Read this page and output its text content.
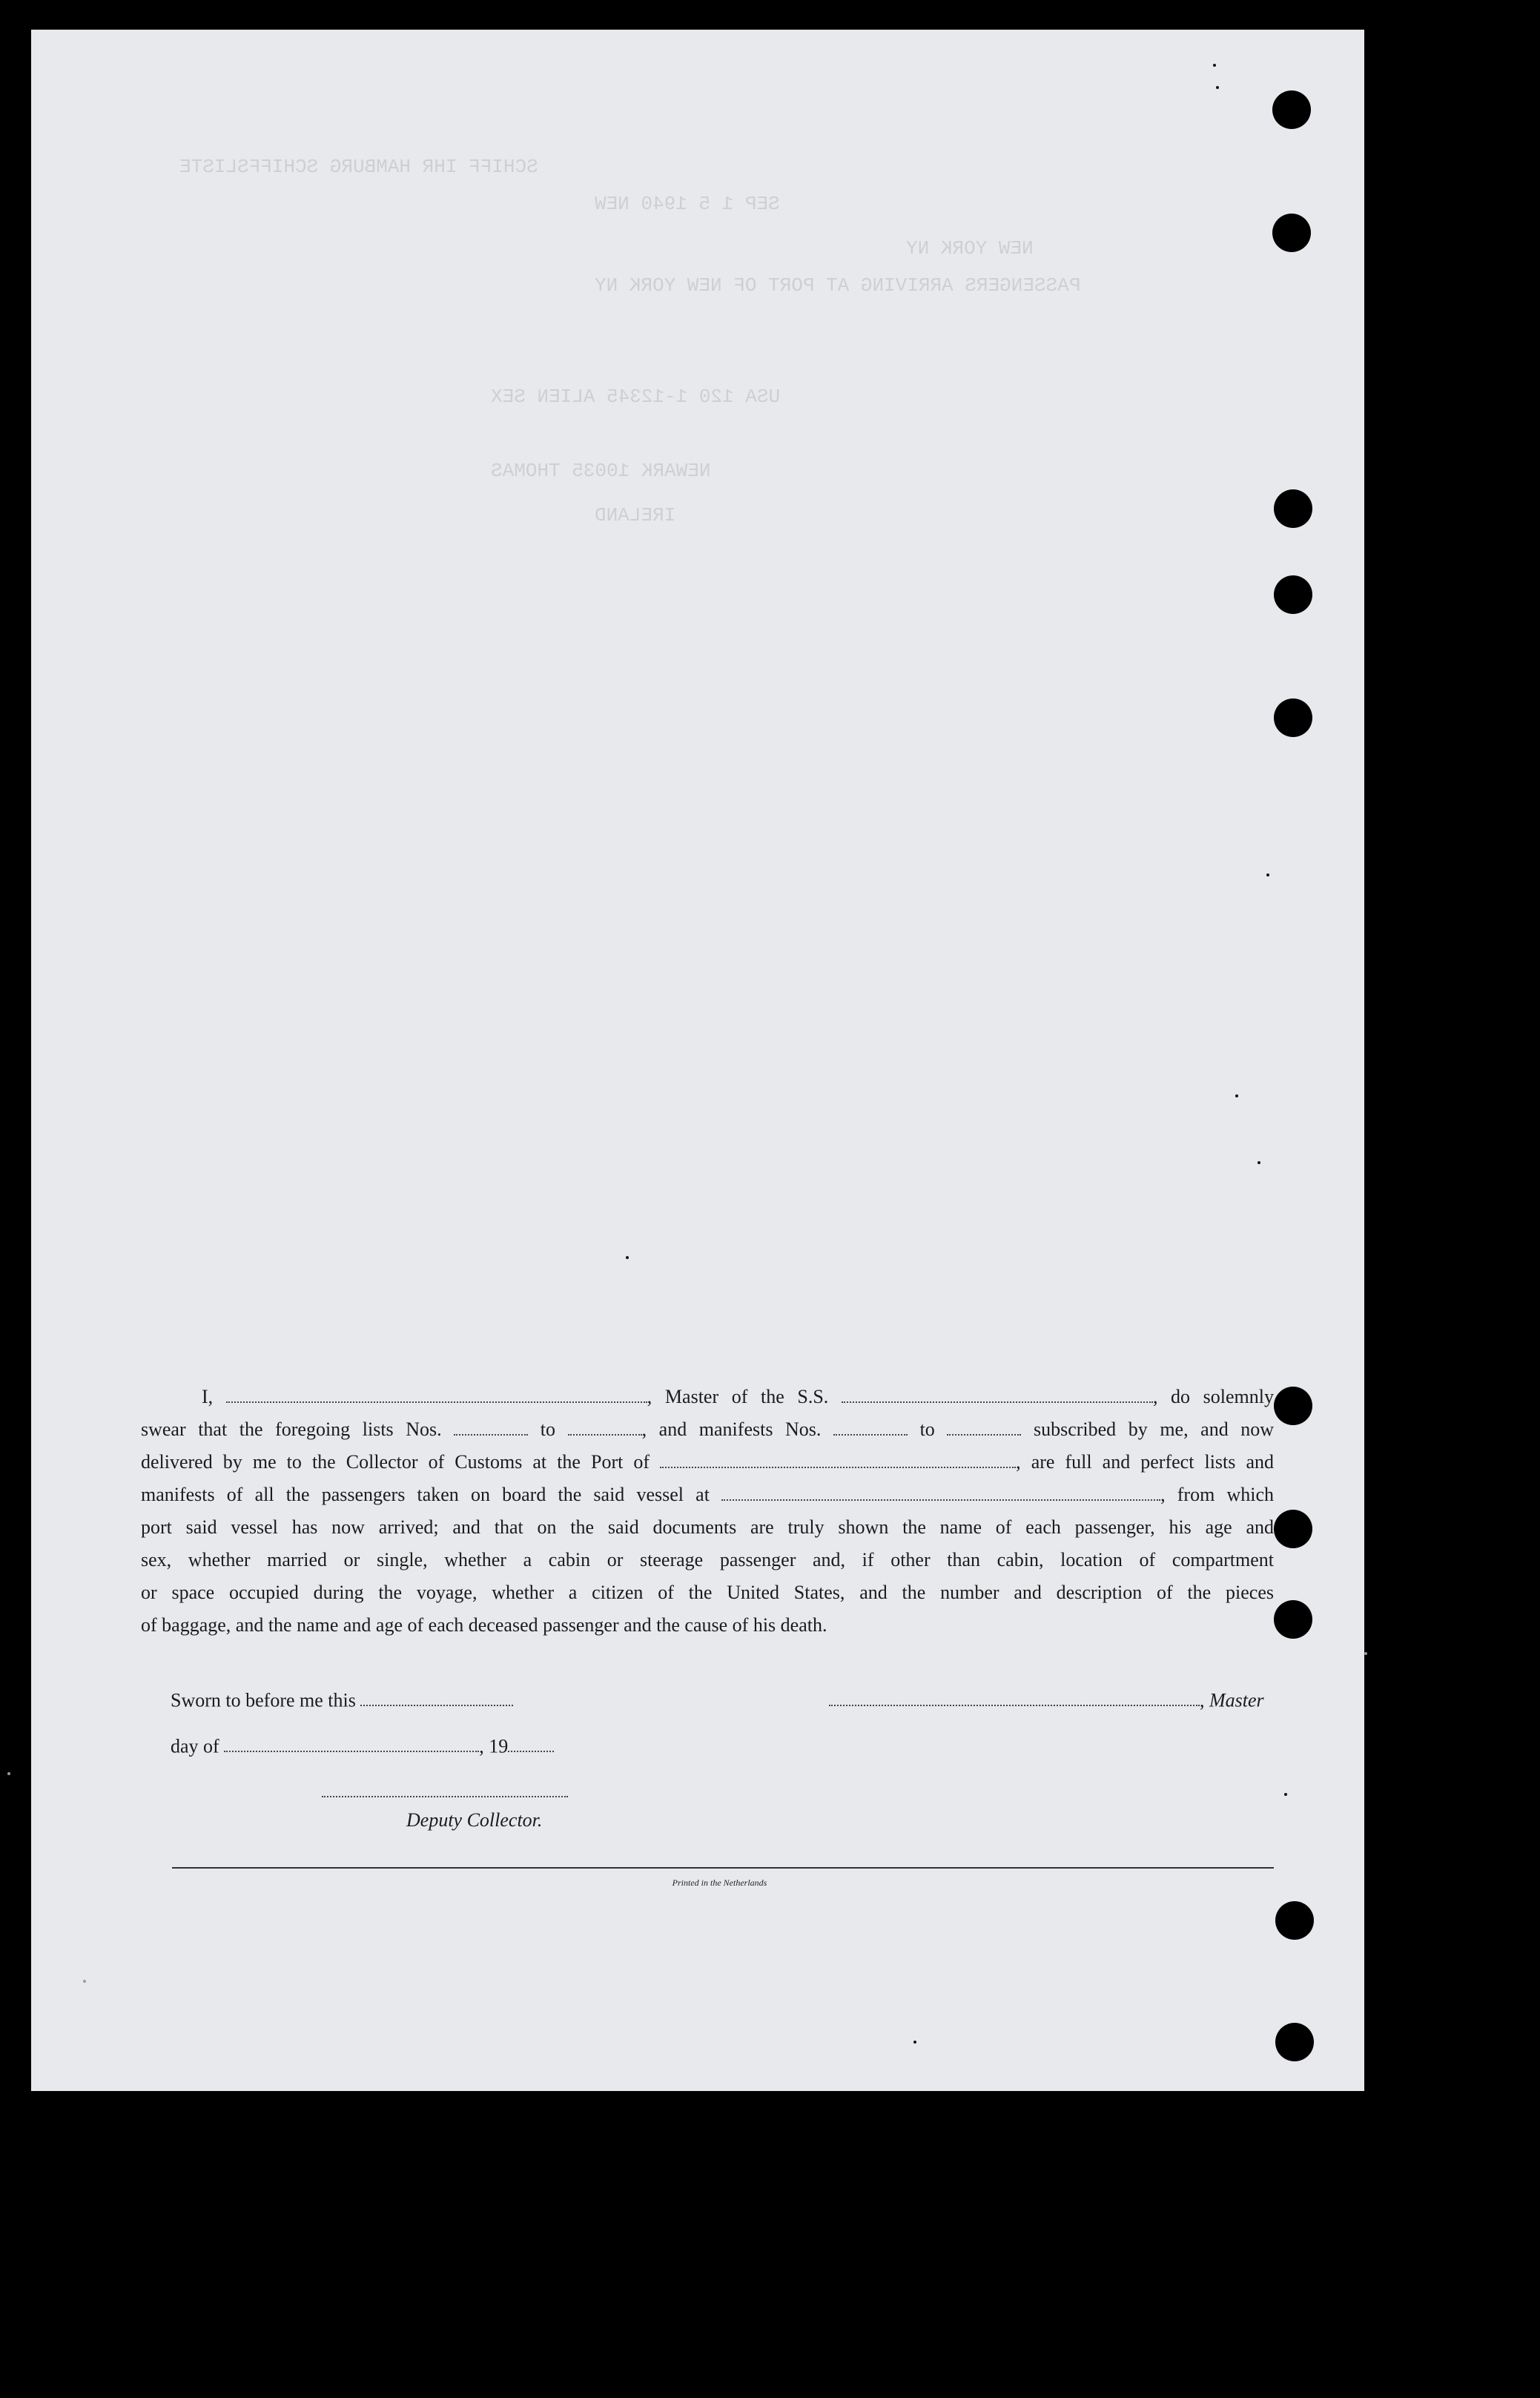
SCHIFF IHR HAMBURG SCHIFFSLISTE
SEP 1 5 1940 NEW
NEW YORK NY
PASSENGERS ARRIVING AT PORT OF NEW YORK NY
USA 120 1-12345 ALIEN SEX
NEWARK 10035 THOMAS
IRELAND

I,	, Master of the S.S.	, do solemnly

swear that the foregoing lists Nos.	to	, and manifests Nos.	to	subscribed by me, and now

delivered by me to the Collector of Customs at the Port of	, are full and perfect lists and

manifests of all the passengers taken on board the said vessel at	, from which

port said vessel has now arrived; and that on the said documents are truly shown the name of each passenger, his age and

sex, whether married or single, whether a cabin or steerage passenger and, if other than cabin, location of compartment

or space occupied during the voyage, whether a citizen of the United States, and the number and description of the pieces

of baggage, and the name and age of each deceased passenger and the cause of his death.

Sworn to before me this	, Master
day of	, 19
Deputy Collector.
Printed in the Netherlands
